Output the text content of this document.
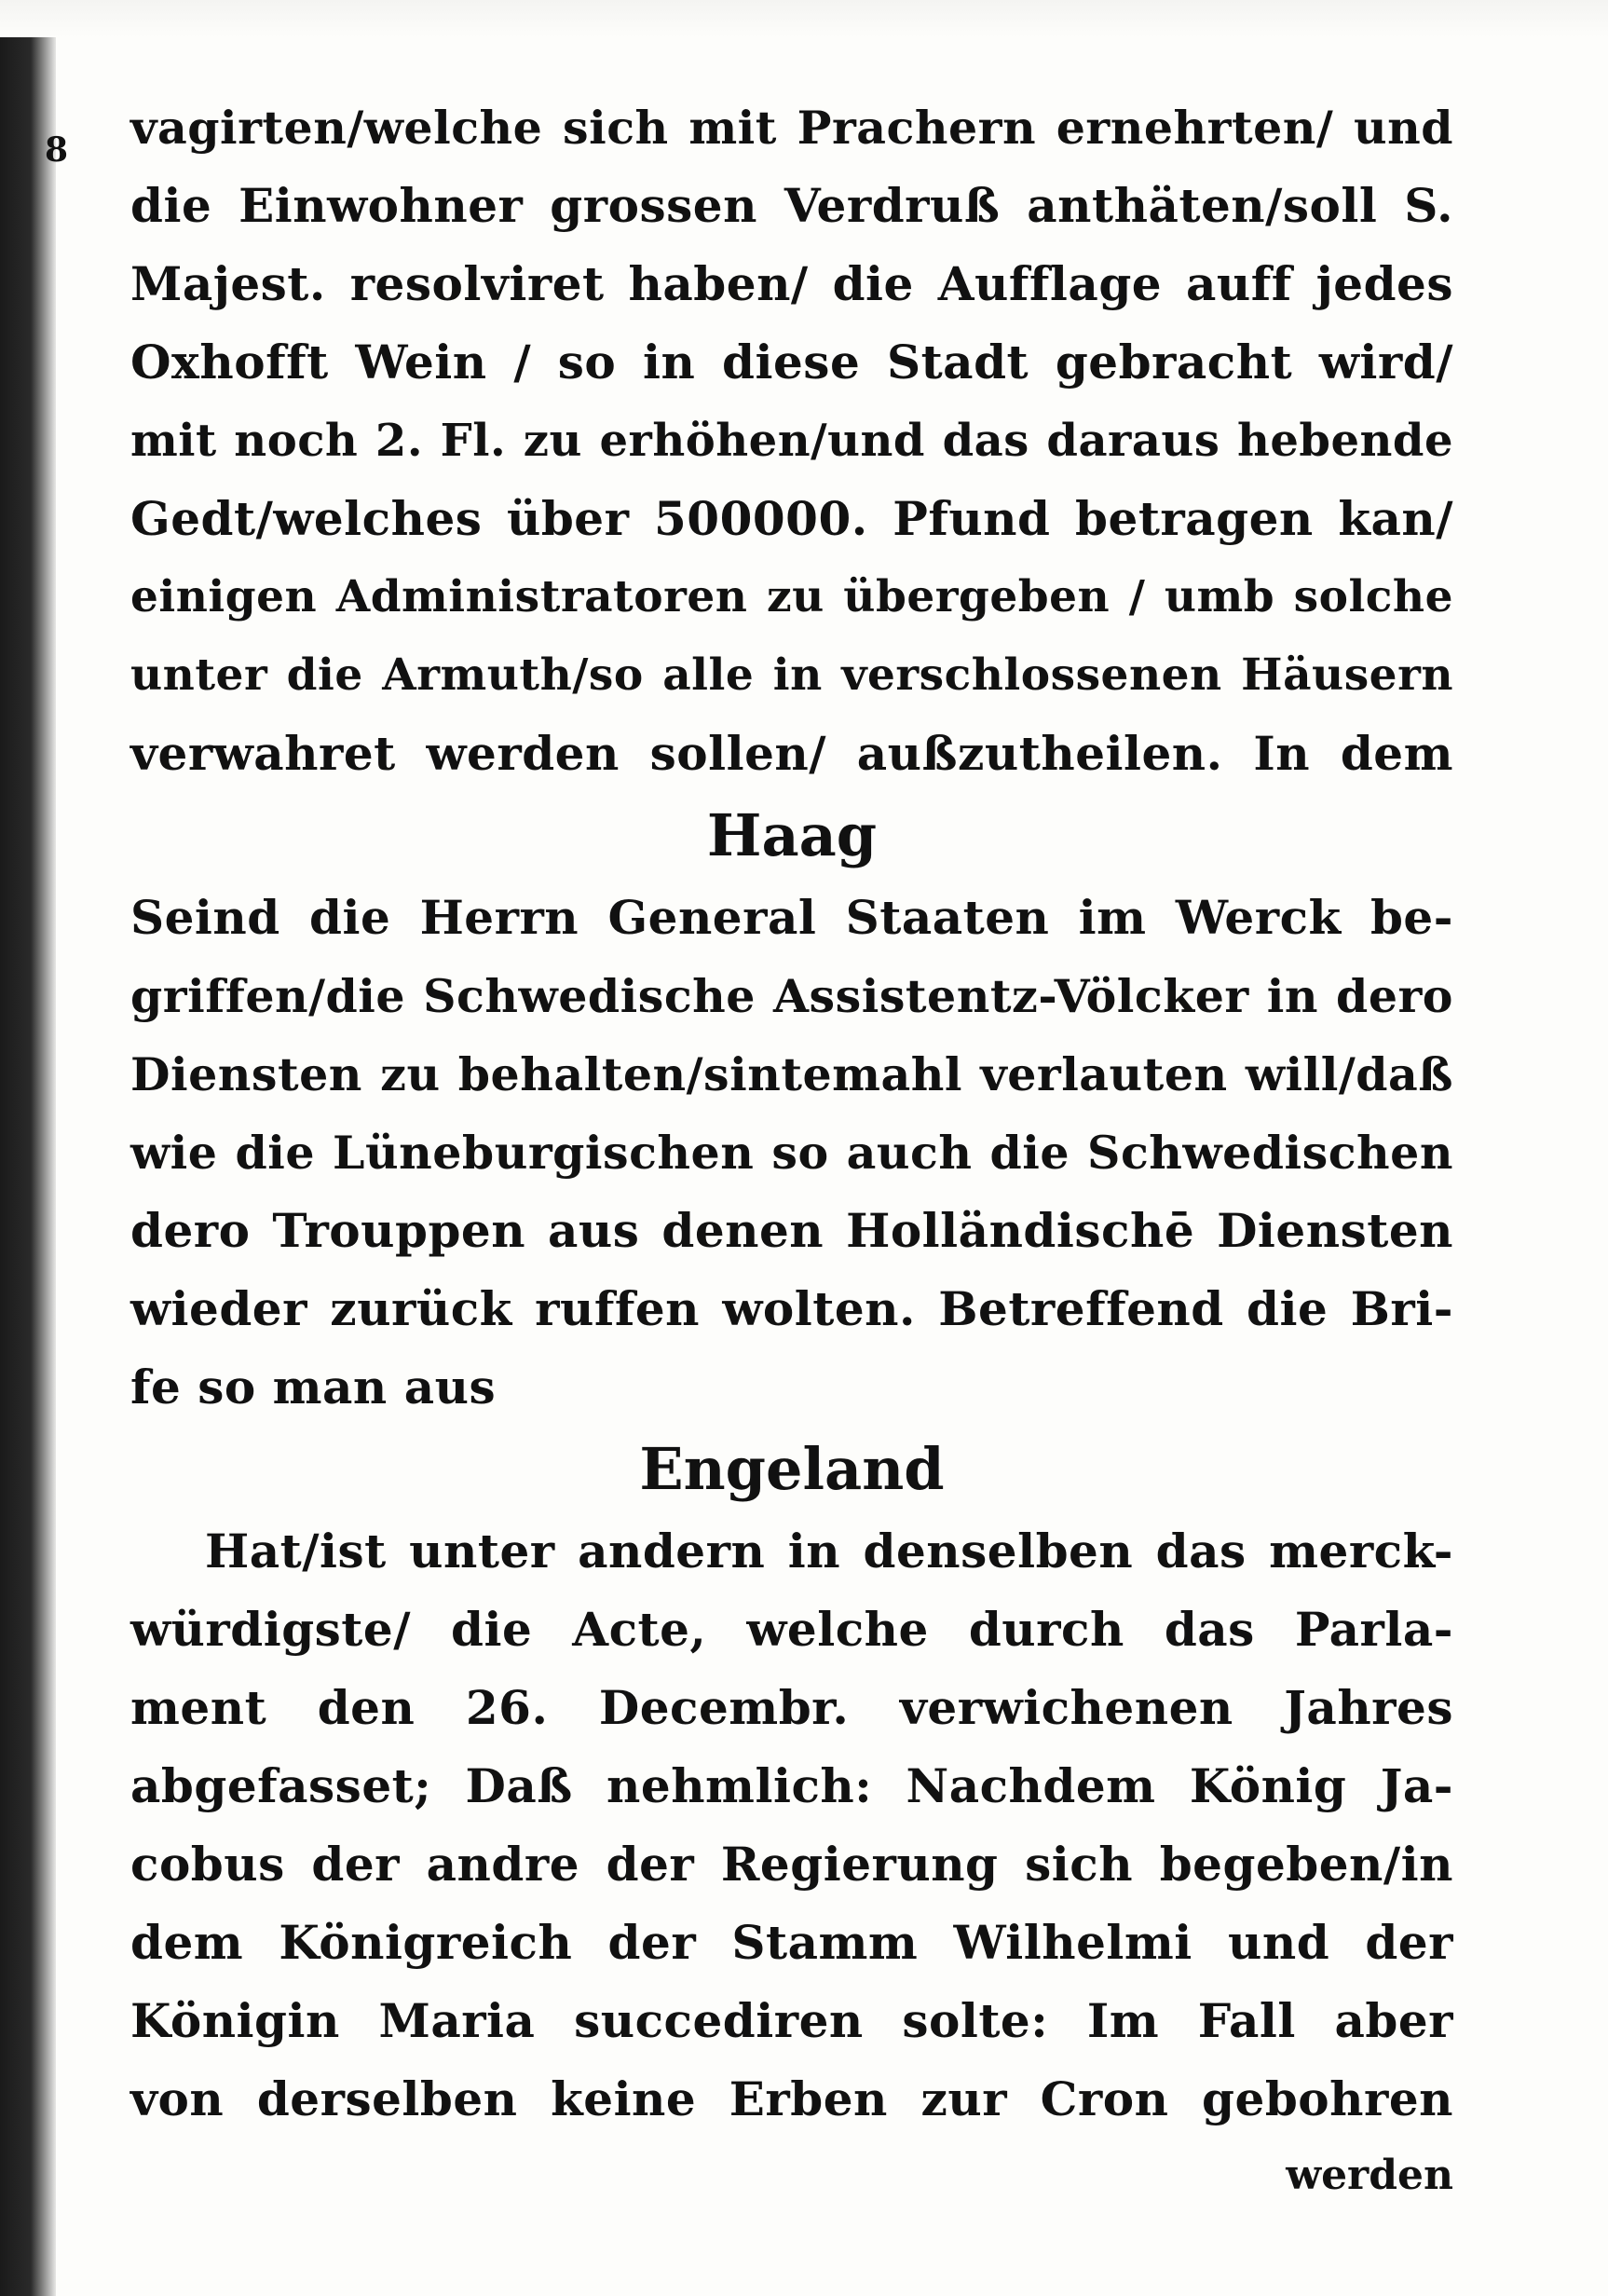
8 vagirten/welche sich mit Prachern ernehrten/ und
die Einwohner grossen Verdruß anthäten/soll S.
Majest. resolviret haben/ die Aufflage auff jedes
Oxhofft Wein / so in diese Stadt gebracht wird/
mit noch 2. Fl. zu erhöhen/und das daraus hebende
Gedt/welches über 500000. Pfund betragen kan/
einigen Administratoren zu übergeben / umb solche
unter die Armuth/so alle in verschlossenen Häusern
verwahret werden sollen/ außzutheilen. In dem
Haag
Seind die Herrn General Staaten im Werck be-
griffen/die Schwedische Assistentz-Völcker in dero
Diensten zu behalten/sintemahl verlauten will/daß
wie die Lüneburgischen so auch die Schwedischen
dero Trouppen aus denen Holländischē Diensten
wieder zurück ruffen wolten. Betreffend die Bri-
fe so man aus
Engeland
Hat/ist unter andern in denselben das merck-
würdigste/ die Acte, welche durch das Parla-
ment den 26. Decembr. verwichenen Jahres
abgefasset; Daß nehmlich: Nachdem König Ja-
cobus der andre der Regierung sich begeben/in
dem Königreich der Stamm Wilhelmi und der
Königin Maria succediren solte: Im Fall aber
von derselben keine Erben zur Cron gebohren
werden
